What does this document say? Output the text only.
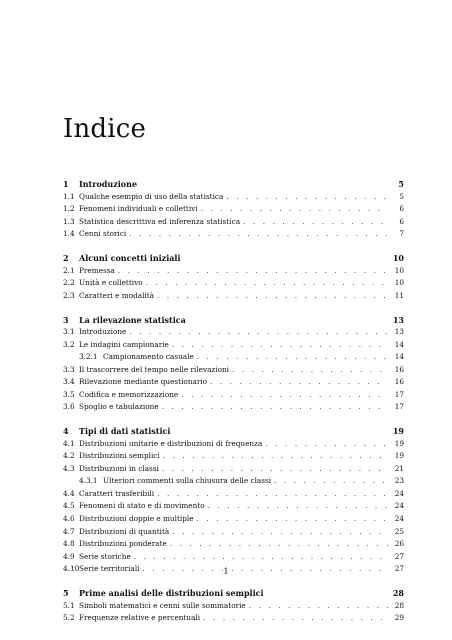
Indice
1	Introduzione	5
1.1 Qualche esempio di uso della statistica . . .	5
1.2 Fenomeni individuali e collettivi . . .	6
1.3 Statistica descrittiva ed inferenza statistica . . .	6
1.4 Cenni storici . . .	7
2	Alcuni concetti iniziali	10
2.1 Premessa . . .	10
2.2 Unità e collettivo . . .	10
2.3 Caratteri e modalità . . .	11
3	La rilevazione statistica	13
3.1 Introduzione . . .	13
3.2 Le indagini campionarie . . .	14
3.2.1 Campionamento casuale . . .	14
3.3 Il trascorrere del tempo nelle rilevazioni . . .	16
3.4 Rilevazione mediante questionario . . .	16
3.5 Codifica e memorizzazione . . .	17
3.6 Spoglio e tabulazione . . .	17
4	Tipi di dati statistici	19
4.1 Distribuzioni unitarie e distribuzioni di frequenza . . .	19
4.2 Distribuzioni semplici . . .	19
4.3 Distribuzioni in classi . . .	21
4.3.1 Ulteriori commenti sulla chiusura delle classi . . .	23
4.4 Caratteri trasferibili . . .	24
4.5 Fenomeni di stato e di movimento . . .	24
4.6 Distribuzioni doppie e multiple . . .	24
4.7 Distribuzioni di quantità . . .	25
4.8 Distribuzioni ponderate . . .	26
4.9 Serie storiche . . .	27
4.10 Serie territoriali . . .	27
5	Prime analisi delle distribuzioni semplici	28
5.1 Simboli matematici e cenni sulle sommatorie . . .	28
5.2 Frequenze relative e percentuali . . .	29
1
